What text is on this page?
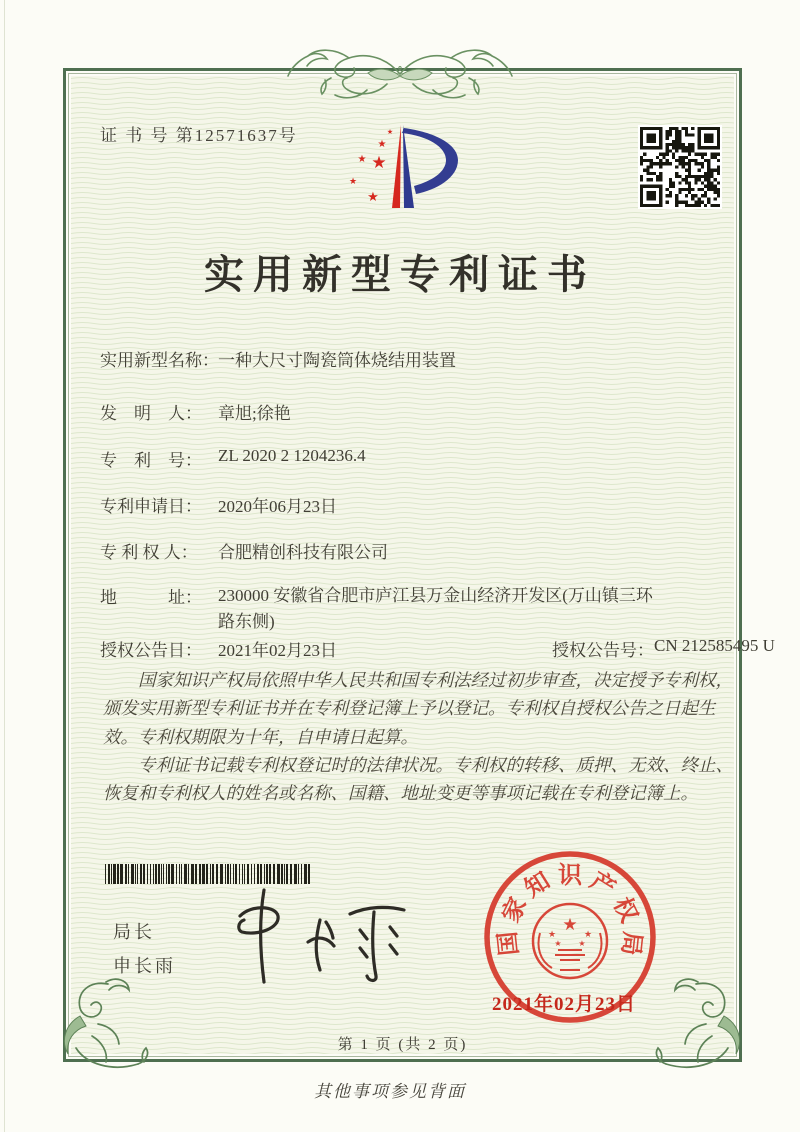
证 书 号 第12571637号	★
★
★ ★
★
★
实用新型专利证书
实用新型名称： 一种大尺寸陶瓷筒体烧结用装置
发　明　人： 章旭;徐艳
专　利　号： ZL 2020 2 1204236.4
专利申请日： 2020年06月23日
专 利 权 人：	合肥精创科技有限公司
地　　　址： 230000 安徽省合肥市庐江县万金山经济开发区(万山镇三环路东侧)
授权公告日： 2021年02月23日	授权公告号： CN 212585495 U

国家知识产权局依照中华人民共和国专利法经过初步审查，决定授予专利权，颁发实用新型专利证书并在专利登记簿上予以登记。专利权自授权公告之日起生效。专利权期限为十年，自申请日起算。

专利证书记载专利权登记时的法律状况。专利权的转移、质押、无效、终止、恢复和专利权人的姓名或名称、国籍、地址变更等事项记载在专利登记簿上。

局长
申长雨
国
家
知 识 产
权
局
★
★	★
★ ★
2021年02月23日
第 1 页 (共 2 页)
其他事项参见背面
